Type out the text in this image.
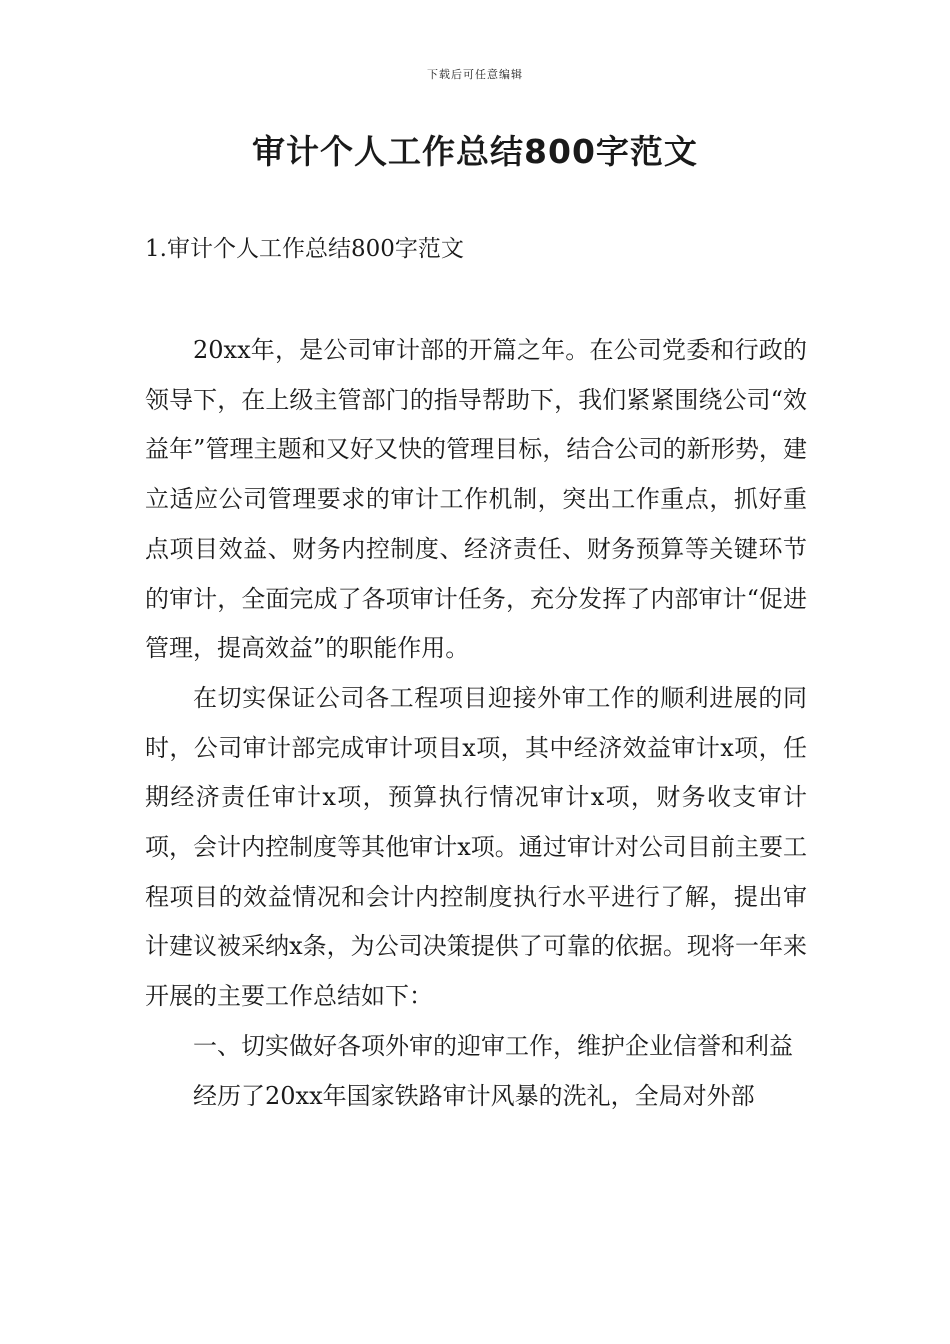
下载后可任意编辑
审计个人工作总结800字范文
1.审计个人工作总结800字范文

20xx年，是公司审计部的开篇之年。在公司党委和行政的领导下，在上级主管部门的指导帮助下，我们紧紧围绕公司“效益年”管理主题和又好又快的管理目标，结合公司的新形势，建立适应公司管理要求的审计工作机制，突出工作重点，抓好重点项目效益、财务内控制度、经济责任、财务预算等关键环节的审计，全面完成了各项审计任务，充分发挥了内部审计“促进管理，提高效益”的职能作用。

在切实保证公司各工程项目迎接外审工作的顺利进展的同时，公司审计部完成审计项目x项，其中经济效益审计x项，任期经济责任审计x项，预算执行情况审计x项，财务收支审计项，会计内控制度等其他审计x项。通过审计对公司目前主要工程项目的效益情况和会计内控制度执行水平进行了解，提出审计建议被采纳x条，为公司决策提供了可靠的依据。现将一年来开展的主要工作总结如下：

一、切实做好各项外审的迎审工作，维护企业信誉和利益

经历了20xx年国家铁路审计风暴的洗礼，全局对外部
